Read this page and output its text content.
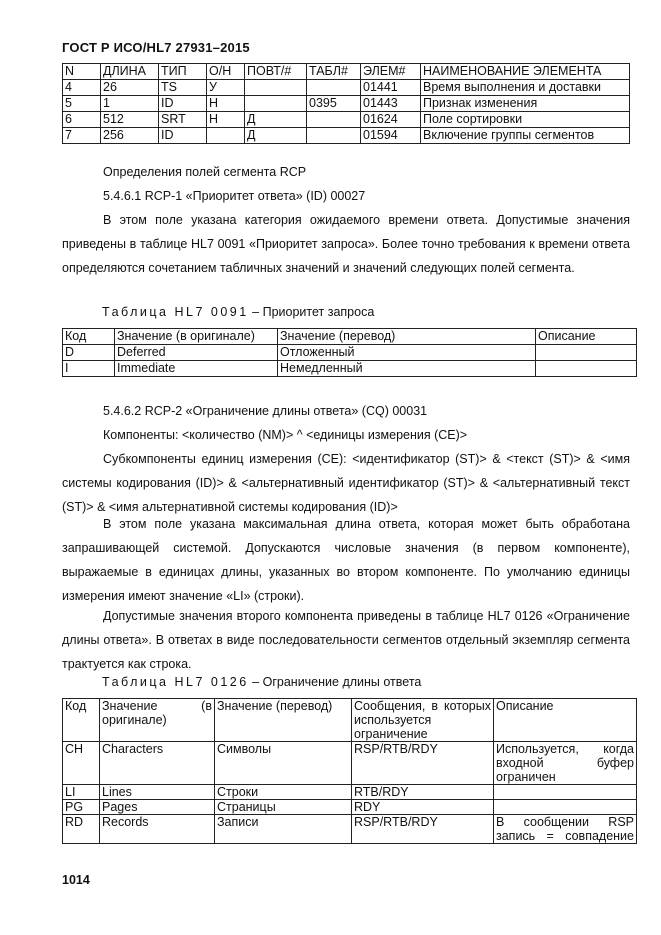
ГОСТ Р ИСО/HL7 27931–2015
N	ДЛИНА	ТИП	О/Н	ПОВТ/#	ТАБЛ#	ЭЛЕМ#	НАИМЕНОВАНИЕ ЭЛЕМЕНТА
4	26	TS	У			01441	Время выполнения и доставки
5	1	ID	Н		0395	01443	Признак изменения
6	512	SRT	Н	Д		01624	Поле сортировки
7	256	ID		Д		01594	Включение группы сегментов
Определения полей сегмента RCP
5.4.6.1 RCP-1 «Приоритет ответа» (ID) 00027
В этом поле указана категория ожидаемого времени ответа. Допустимые значения приведены в таблице HL7 0091 «Приоритет запроса». Более точно требования к времени ответа определяются сочетанием табличных значений и значений следующих полей сегмента.
Таблица HL7 0091 – Приоритет запроса
Код	Значение (в оригинале)	Значение (перевод)	Описание
D	Deferred	Отложенный	
I	Immediate	Немедленный	
5.4.6.2 RCP-2 «Ограничение длины ответа» (CQ) 00031
Компоненты: <количество (NM)> ^ <единицы измерения (CE)>
Субкомпоненты единиц измерения (CE): <идентификатор (ST)> & <текст (ST)> & <имя системы кодирования (ID)> & <альтернативный идентификатор (ST)> & <альтернативный текст (ST)> & <имя альтернативной системы кодирования (ID)>
В этом поле указана максимальная длина ответа, которая может быть обработана запрашивающей системой. Допускаются числовые значения (в первом компоненте), выражаемые в единицах длины, указанных во втором компоненте. По умолчанию единицы измерения имеют значение «LI» (строки).
Допустимые значения второго компонента приведены в таблице HL7 0126 «Ограничение длины ответа». В ответах в виде последовательности сегментов отдельный экземпляр сегмента трактуется как строка.
Таблица HL7 0126 – Ограничение длины ответа
Код	Значение (в оригинале)	Значение (перевод)	Сообщения, в которых используется ограничение	Описание
CH	Characters	Символы	RSP/RTB/RDY	Используется, когда входной буфер ограничен
LI	Lines	Строки	RTB/RDY	
PG	Pages	Страницы	RDY	
RD	Records	Записи	RSP/RTB/RDY	В сообщении RSP запись = совпадение
1014
